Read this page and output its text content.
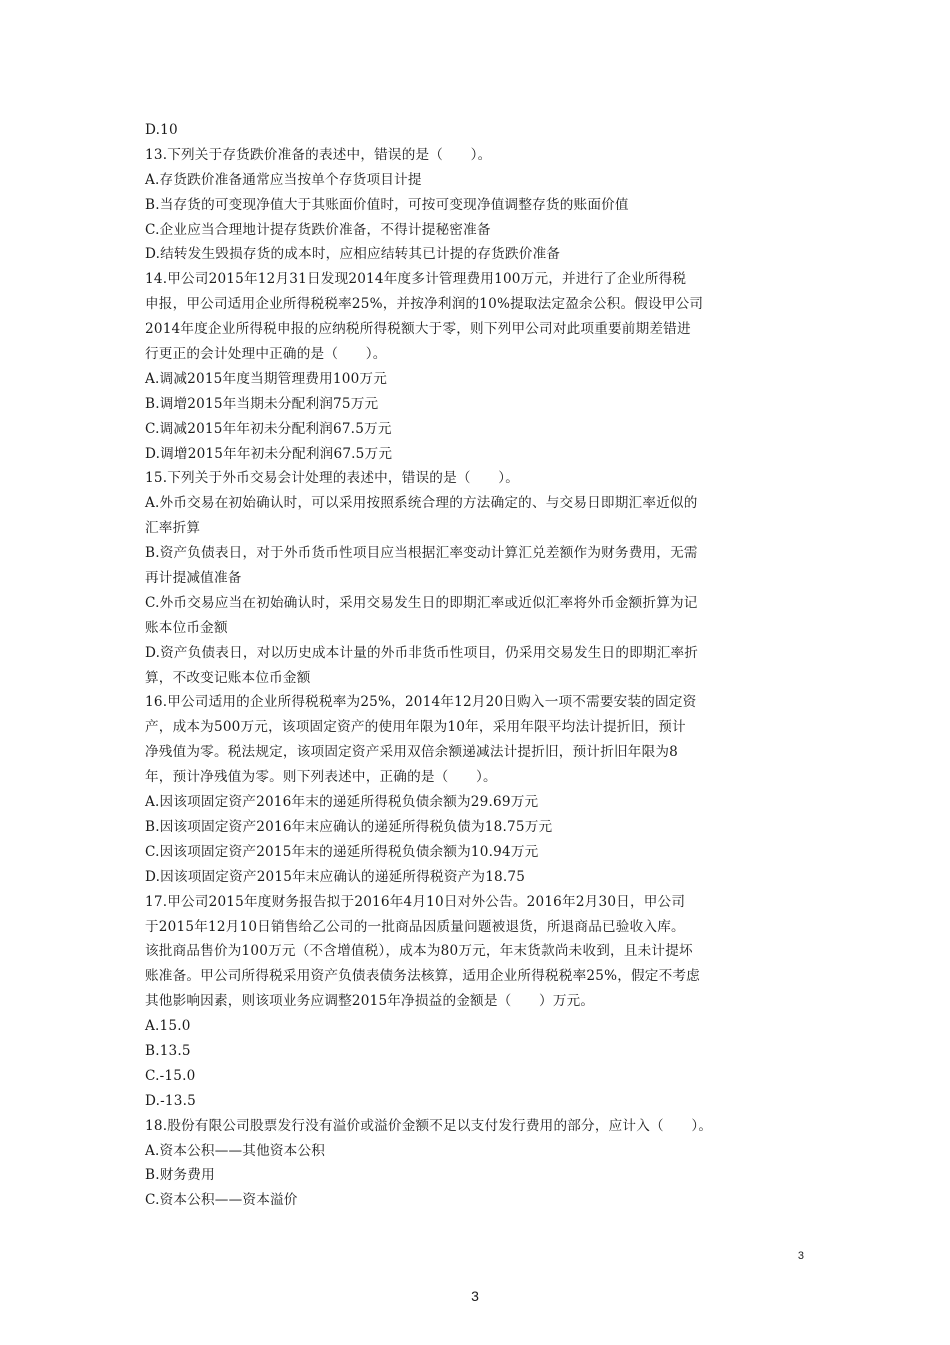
D.10
13.下列关于存货跌价准备的表述中，错误的是（　　）。
A.存货跌价准备通常应当按单个存货项目计提
B.当存货的可变现净值大于其账面价值时，可按可变现净值调整存货的账面价值
C.企业应当合理地计提存货跌价准备，不得计提秘密准备
D.结转发生毁损存货的成本时，应相应结转其已计提的存货跌价准备
14.甲公司2015年12月31日发现2014年度多计管理费用100万元，并进行了企业所得税
申报，甲公司适用企业所得税税率25%，并按净利润的10%提取法定盈余公积。假设甲公司
2014年度企业所得税申报的应纳税所得税额大于零，则下列甲公司对此项重要前期差错进
行更正的会计处理中正确的是（　　）。
A.调减2015年度当期管理费用100万元
B.调增2015年当期未分配利润75万元
C.调减2015年年初未分配利润67.5万元
D.调增2015年年初未分配利润67.5万元
15.下列关于外币交易会计处理的表述中，错误的是（　　）。
A.外币交易在初始确认时，可以采用按照系统合理的方法确定的、与交易日即期汇率近似的
汇率折算
B.资产负债表日，对于外币货币性项目应当根据汇率变动计算汇兑差额作为财务费用，无需
再计提减值准备
C.外币交易应当在初始确认时，采用交易发生日的即期汇率或近似汇率将外币金额折算为记
账本位币金额
D.资产负债表日，对以历史成本计量的外币非货币性项目，仍采用交易发生日的即期汇率折
算，不改变记账本位币金额
16.甲公司适用的企业所得税税率为25%，2014年12月20日购入一项不需要安装的固定资
产，成本为500万元，该项固定资产的使用年限为10年，采用年限平均法计提折旧，预计
净残值为零。税法规定，该项固定资产采用双倍余额递减法计提折旧，预计折旧年限为8
年，预计净残值为零。则下列表述中，正确的是（　　）。
A.因该项固定资产2016年末的递延所得税负债余额为29.69万元
B.因该项固定资产2016年末应确认的递延所得税负债为18.75万元
C.因该项固定资产2015年末的递延所得税负债余额为10.94万元
D.因该项固定资产2015年末应确认的递延所得税资产为18.75
17.甲公司2015年度财务报告拟于2016年4月10日对外公告。2016年2月30日，甲公司
于2015年12月10日销售给乙公司的一批商品因质量问题被退货，所退商品已验收入库。
该批商品售价为100万元（不含增值税），成本为80万元，年末货款尚未收到，且未计提坏
账准备。甲公司所得税采用资产负债表债务法核算，适用企业所得税税率25%，假定不考虑
其他影响因素，则该项业务应调整2015年净损益的金额是（　　）万元。
A.15.0
B.13.5
C.-15.0
D.-13.5
18.股份有限公司股票发行没有溢价或溢价金额不足以支付发行费用的部分，应计入（　　）。
A.资本公积——其他资本公积
B.财务费用
C.资本公积——资本溢价
3
3
